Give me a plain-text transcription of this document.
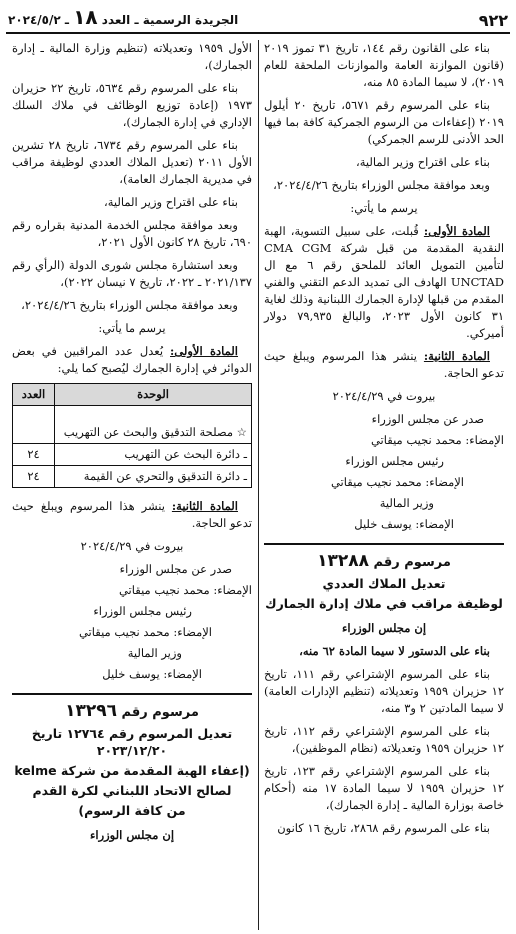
٩٢٢
الجريدة الرسمية ـ العدد ١٨ ـ ٢٠٢٤/٥/٢

بناء على القانون رقم ١٤٤، تاريخ ٣١ تموز ٢٠١٩ (قانون الموازنة العامة والموازنات الملحقة للعام ٢٠١٩)، لا سيما المادة ٨٥ منه،

بناء على المرسوم رقم ٥٦٧١، تاريخ ٢٠ أيلول ٢٠١٩ (إعفاءات من الرسوم الجمركية كافة بما فيها الحد الأدنى للرسم الجمركي)

بناء على اقتراح وزير المالية،

وبعد موافقة مجلس الوزراء بتاريخ ٢٠٢٤/٤/٢٦،

يرسم ما يأتي:

المادة الأولى: قُبلت، على سبيل التسوية، الهبة النقدية المقدمة من قبل شركة CMA CGM لتأمين التمويل العائد للملحق رقم ٦ مع ال UNCTAD الهادف الى تمديد الدعم التقني والفني المقدم من قبلها لإدارة الجمارك اللبنانية وذلك لغاية ٣١ كانون الأول ٢٠٢٣، والبالغ ٧٩,٩٣٥ دولار أميركي.

المادة الثانية: ينشر هذا المرسوم ويبلغ حيث تدعو الحاجة.

بيروت في ٢٠٢٤/٤/٢٩

صدر عن مجلس الوزراء

الإمضاء: محمد نجيب ميقاتي

رئيس مجلس الوزراء

الإمضاء: محمد نجيب ميقاتي

وزير المالية

الإمضاء: يوسف خليل

مرسوم رقم ١٣٢٨٨
تعديل الملاك العددي
لوظيفة مراقب في ملاك إدارة الجمارك

إن مجلس الوزراء

بناء على الدستور لا سيما المادة ٦٢ منه،

بناء على المرسوم الإشتراعي رقم ١١١، تاريخ ١٢ حزيران ١٩٥٩ وتعديلاته (تنظيم الإدارات العامة) لا سيما المادتين ٢ و٣ منه،

بناء على المرسوم الإشتراعي رقم ١١٢، تاريخ ١٢ حزيران ١٩٥٩ وتعديلاته (نظام الموظفين)،

بناء على المرسوم الإشتراعي رقم ١٢٣، تاريخ ١٢ حزيران ١٩٥٩ لا سيما المادة ١٧ منه (أحكام خاصة بوزارة المالية ـ إدارة الجمارك)،

بناء على المرسوم رقم ٢٨٦٨، تاريخ ١٦ كانون

الأول ١٩٥٩ وتعديلاته (تنظيم وزارة المالية ـ إدارة الجمارك)،

بناء على المرسوم رقم ٥٦٣٤، تاريخ ٢٢ حزيران ١٩٧٣ (إعادة توزيع الوظائف في ملاك السلك الإداري في إدارة الجمارك)،

بناء على المرسوم رقم ٦٧٣٤، تاريخ ٢٨ تشرين الأول ٢٠١١ (تعديل الملاك العددي لوظيفة مراقب في مديرية الجمارك العامة)،

بناء على اقتراح وزير المالية،

وبعد موافقة مجلس الخدمة المدنية بقراره رقم ٦٩٠، تاريخ ٢٨ كانون الأول ٢٠٢١،

وبعد استشارة مجلس شورى الدولة (الرأي رقم ٢٠٢١/١٣٧ ـ ٢٠٢٢، تاريخ ٧ نيسان ٢٠٢٢)،

وبعد موافقة مجلس الوزراء بتاريخ ٢٠٢٤/٤/٢٦،

يرسم ما يأتي:

المادة الأولى: يُعدل عدد المراقبين في بعض الدوائر في إدارة الجمارك ليُصبح كما يلي:

الوحدة	العدد
☆ مصلحة التدقيق والبحث عن التهريب	
ـ دائرة البحث عن التهريب	٢٤
ـ دائرة التدقيق والتحري عن القيمة	٢٤

المادة الثانية: ينشر هذا المرسوم ويبلغ حيث تدعو الحاجة.

بيروت في ٢٠٢٤/٤/٢٩

صدر عن مجلس الوزراء

الإمضاء: محمد نجيب ميقاتي

رئيس مجلس الوزراء

الإمضاء: محمد نجيب ميقاتي

وزير المالية

الإمضاء: يوسف خليل

مرسوم رقم ١٣٢٩٦
تعديل المرسوم رقم ١٢٧٦٤ تاريخ ٢٠٢٣/١٢/٢٠
(إعفاء الهبة المقدمة من شركة kelme
لصالح الاتحاد اللبناني لكرة القدم
من كافة الرسوم)

إن مجلس الوزراء
